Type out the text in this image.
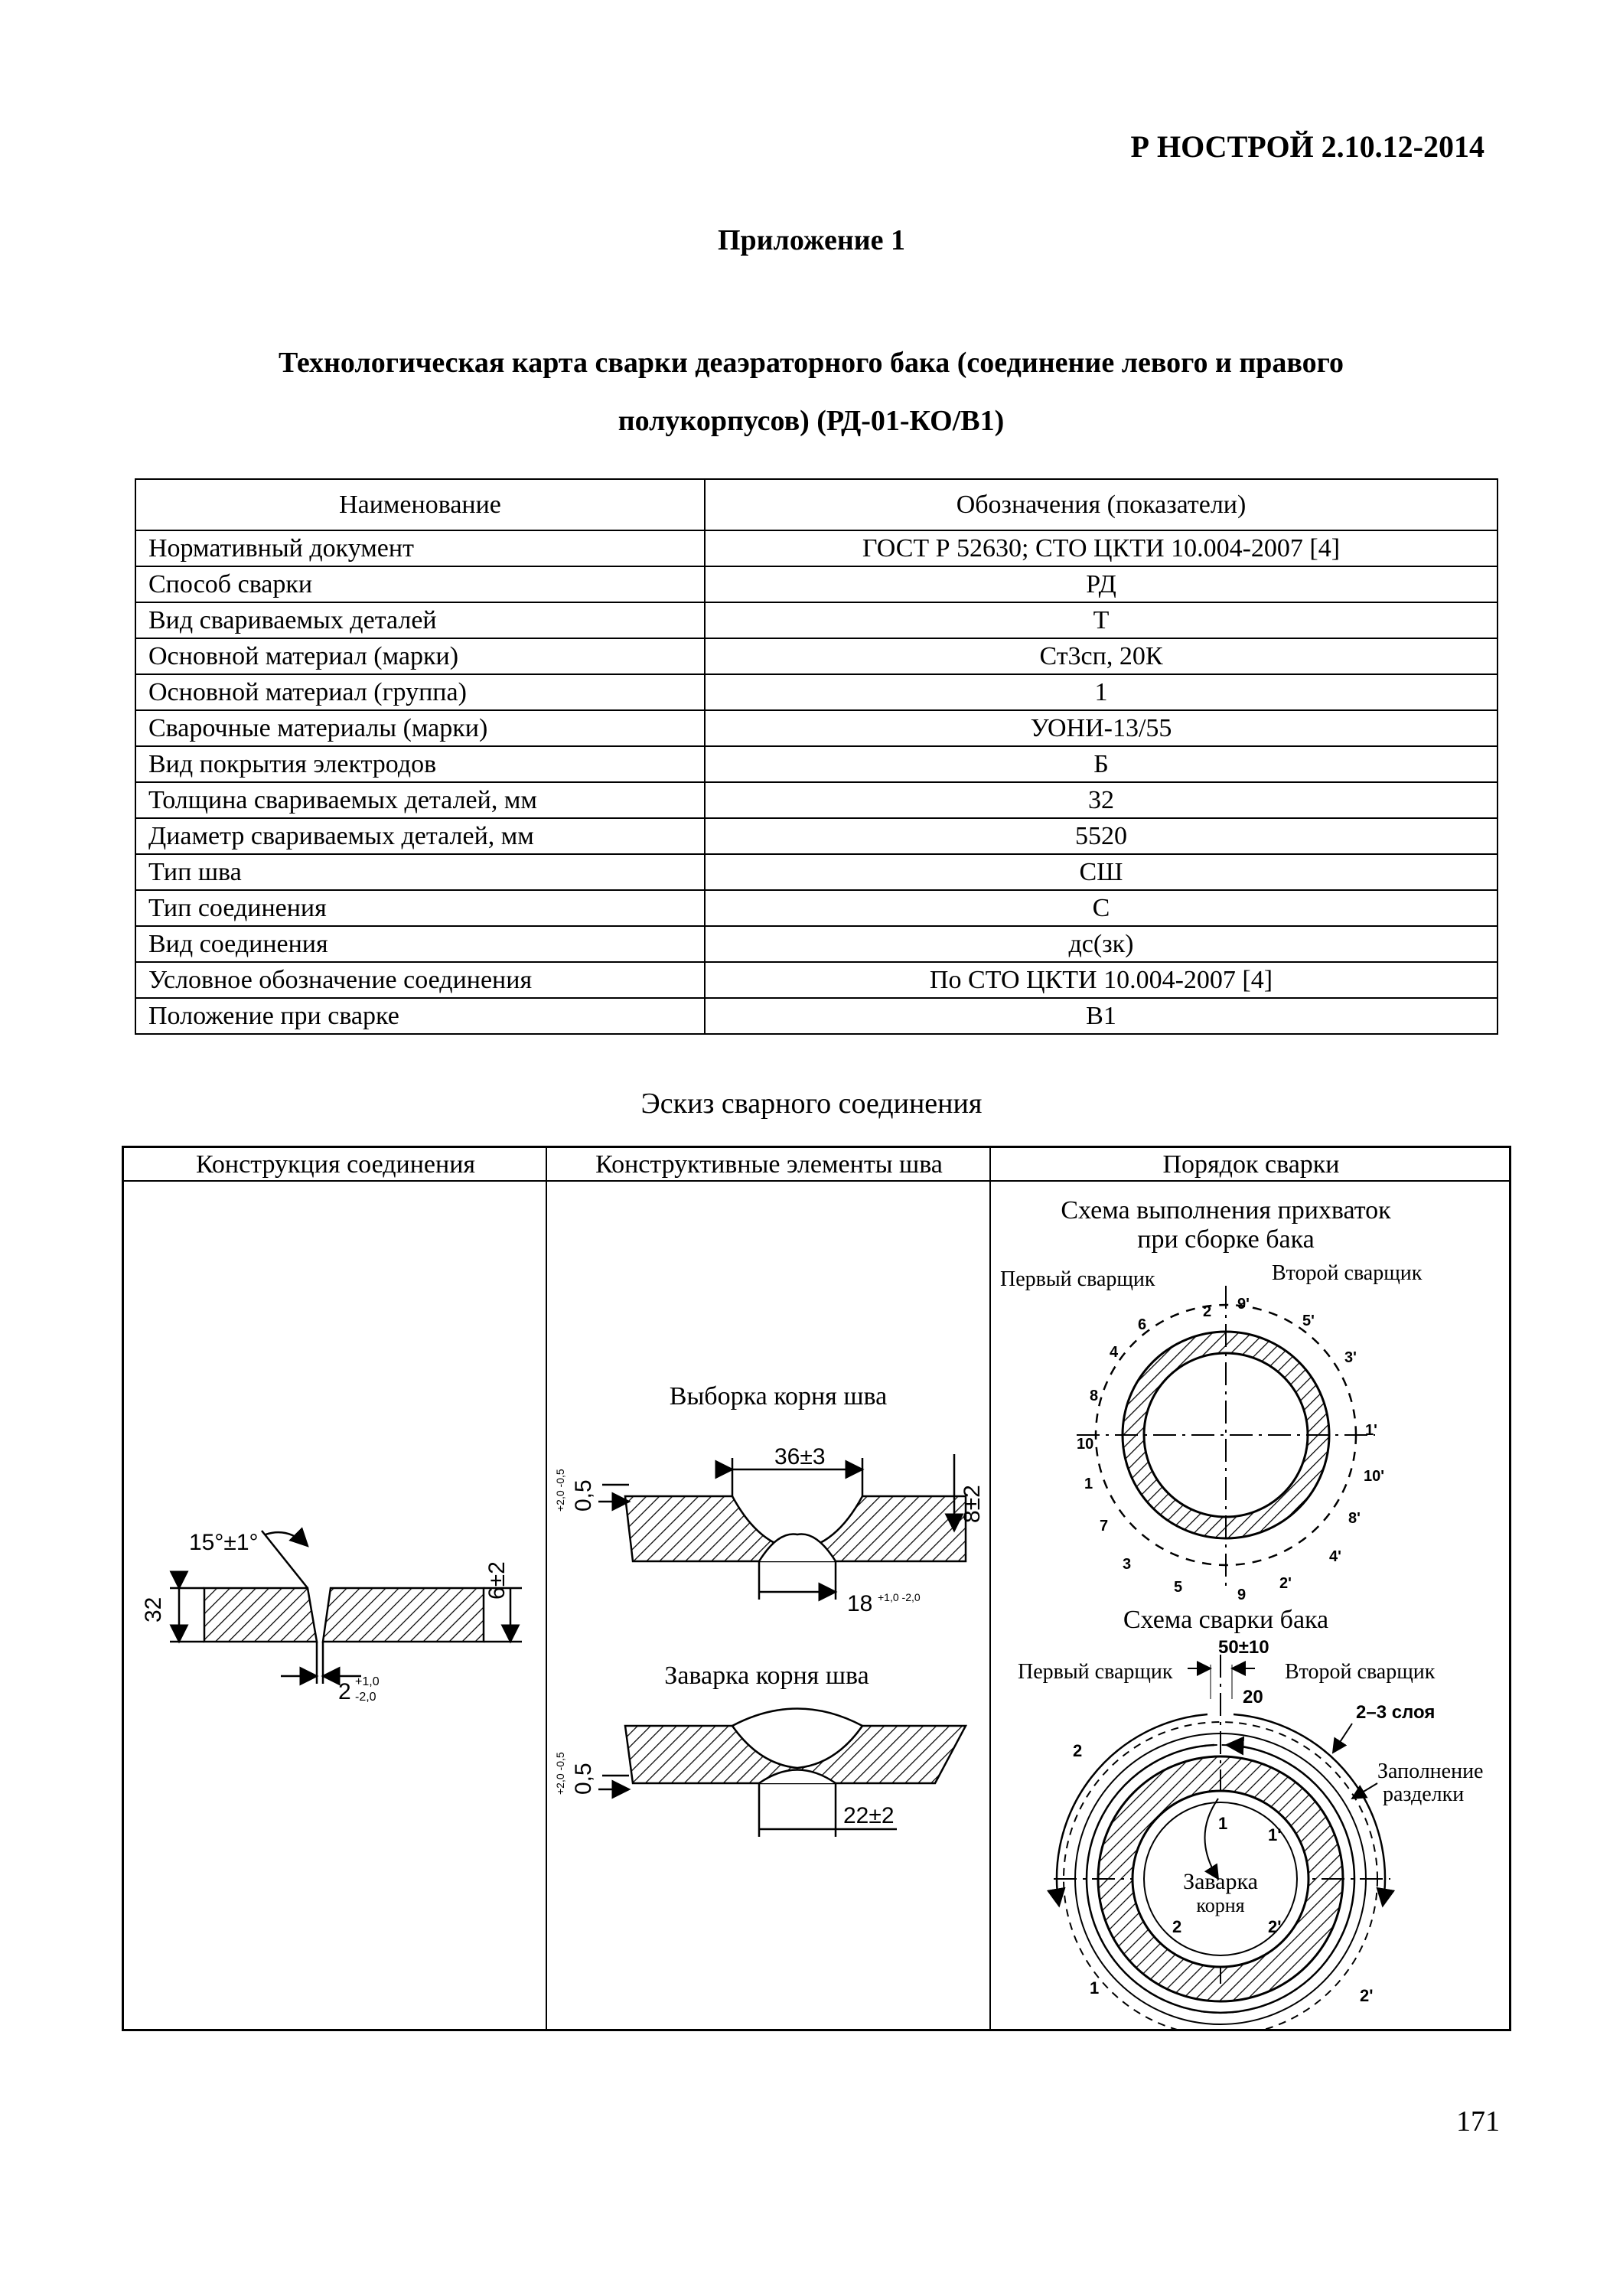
Р НОСТРОЙ 2.10.12-2014
Приложение 1
Технологическая карта сварки деаэраторного бака (соединение левого и правого
полукорпусов) (РД-01-КО/В1)
Наименование	Обозначения (показатели)
Нормативный документ	ГОСТ Р 52630; СТО ЦКТИ 10.004-2007 [4]
Способ сварки	РД
Вид свариваемых деталей	Т
Основной материал (марки)	Ст3сп, 20К
Основной материал (группа)	1
Сварочные материалы (марки)	УОНИ-13/55
Вид покрытия электродов	Б
Толщина свариваемых деталей, мм	32
Диаметр свариваемых деталей, мм	5520
Тип шва	СШ
Тип соединения	С
Вид соединения	дс(зк)
Условное обозначение соединения	По СТО ЦКТИ 10.004-2007 [4]
Положение при сварке	В1
Эскиз сварного соединения
Конструкция соединения	Конструктивные элементы шва	Порядок сварки
15°±1°
32
6±2
2 +1,0
-2,0
Выборка корня шва
36±3
8±2
0,5
+2,0 -0,5
18 +1,0 -2,0
Заварка корня шва
0,5
+2,0 -0,5
22±2
Схема выполнения прихваток
при сборке бака
Первый сварщик	Второй сварщик
2
6
4
8
10
1
7
3
5
9'
5'
3'
1'
10'
8'
4'
2'
9
Схема сварки бака
Первый сварщик	Второй сварщик
50±10
20
2–3 слоя
Заполнение
разделки
Заварка
корня
2
2'
1
1
2
1'
2'
171
